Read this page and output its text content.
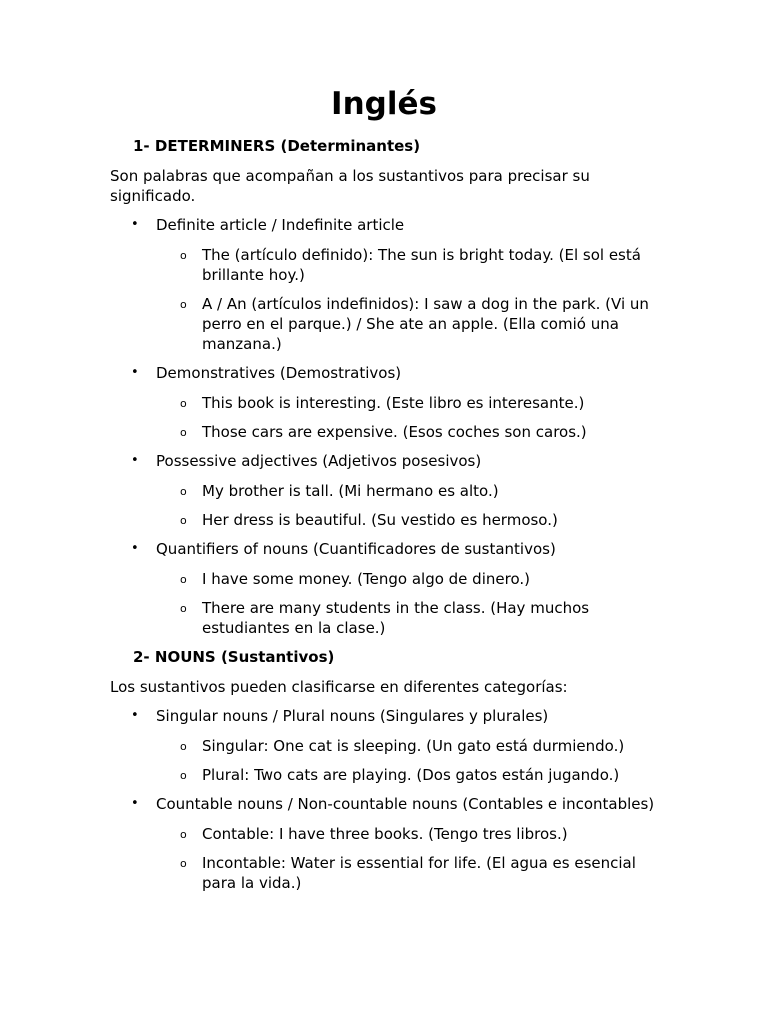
Inglés
1- DETERMINERS (Determinantes)
Son palabras que acompañan a los sustantivos para precisar su significado.
• Definite article / Indefinite article
o The (artículo definido): The sun is bright today. (El sol está brillante hoy.)
o A / An (artículos indefinidos): I saw a dog in the park. (Vi un perro en el parque.) / She ate an apple. (Ella comió una manzana.)
• Demonstratives (Demostrativos)
o This book is interesting. (Este libro es interesante.)
o Those cars are expensive. (Esos coches son caros.)
• Possessive adjectives (Adjetivos posesivos)
o My brother is tall. (Mi hermano es alto.)
o Her dress is beautiful. (Su vestido es hermoso.)
• Quantifiers of nouns (Cuantificadores de sustantivos)
o I have some money. (Tengo algo de dinero.)
o There are many students in the class. (Hay muchos estudiantes en la clase.)
2- NOUNS (Sustantivos)
Los sustantivos pueden clasificarse en diferentes categorías:
• Singular nouns / Plural nouns (Singulares y plurales)
o Singular: One cat is sleeping. (Un gato está durmiendo.)
o Plural: Two cats are playing. (Dos gatos están jugando.)
• Countable nouns / Non-countable nouns (Contables e incontables)
o Contable: I have three books. (Tengo tres libros.)
o Incontable: Water is essential for life. (El agua es esencial para la vida.)
